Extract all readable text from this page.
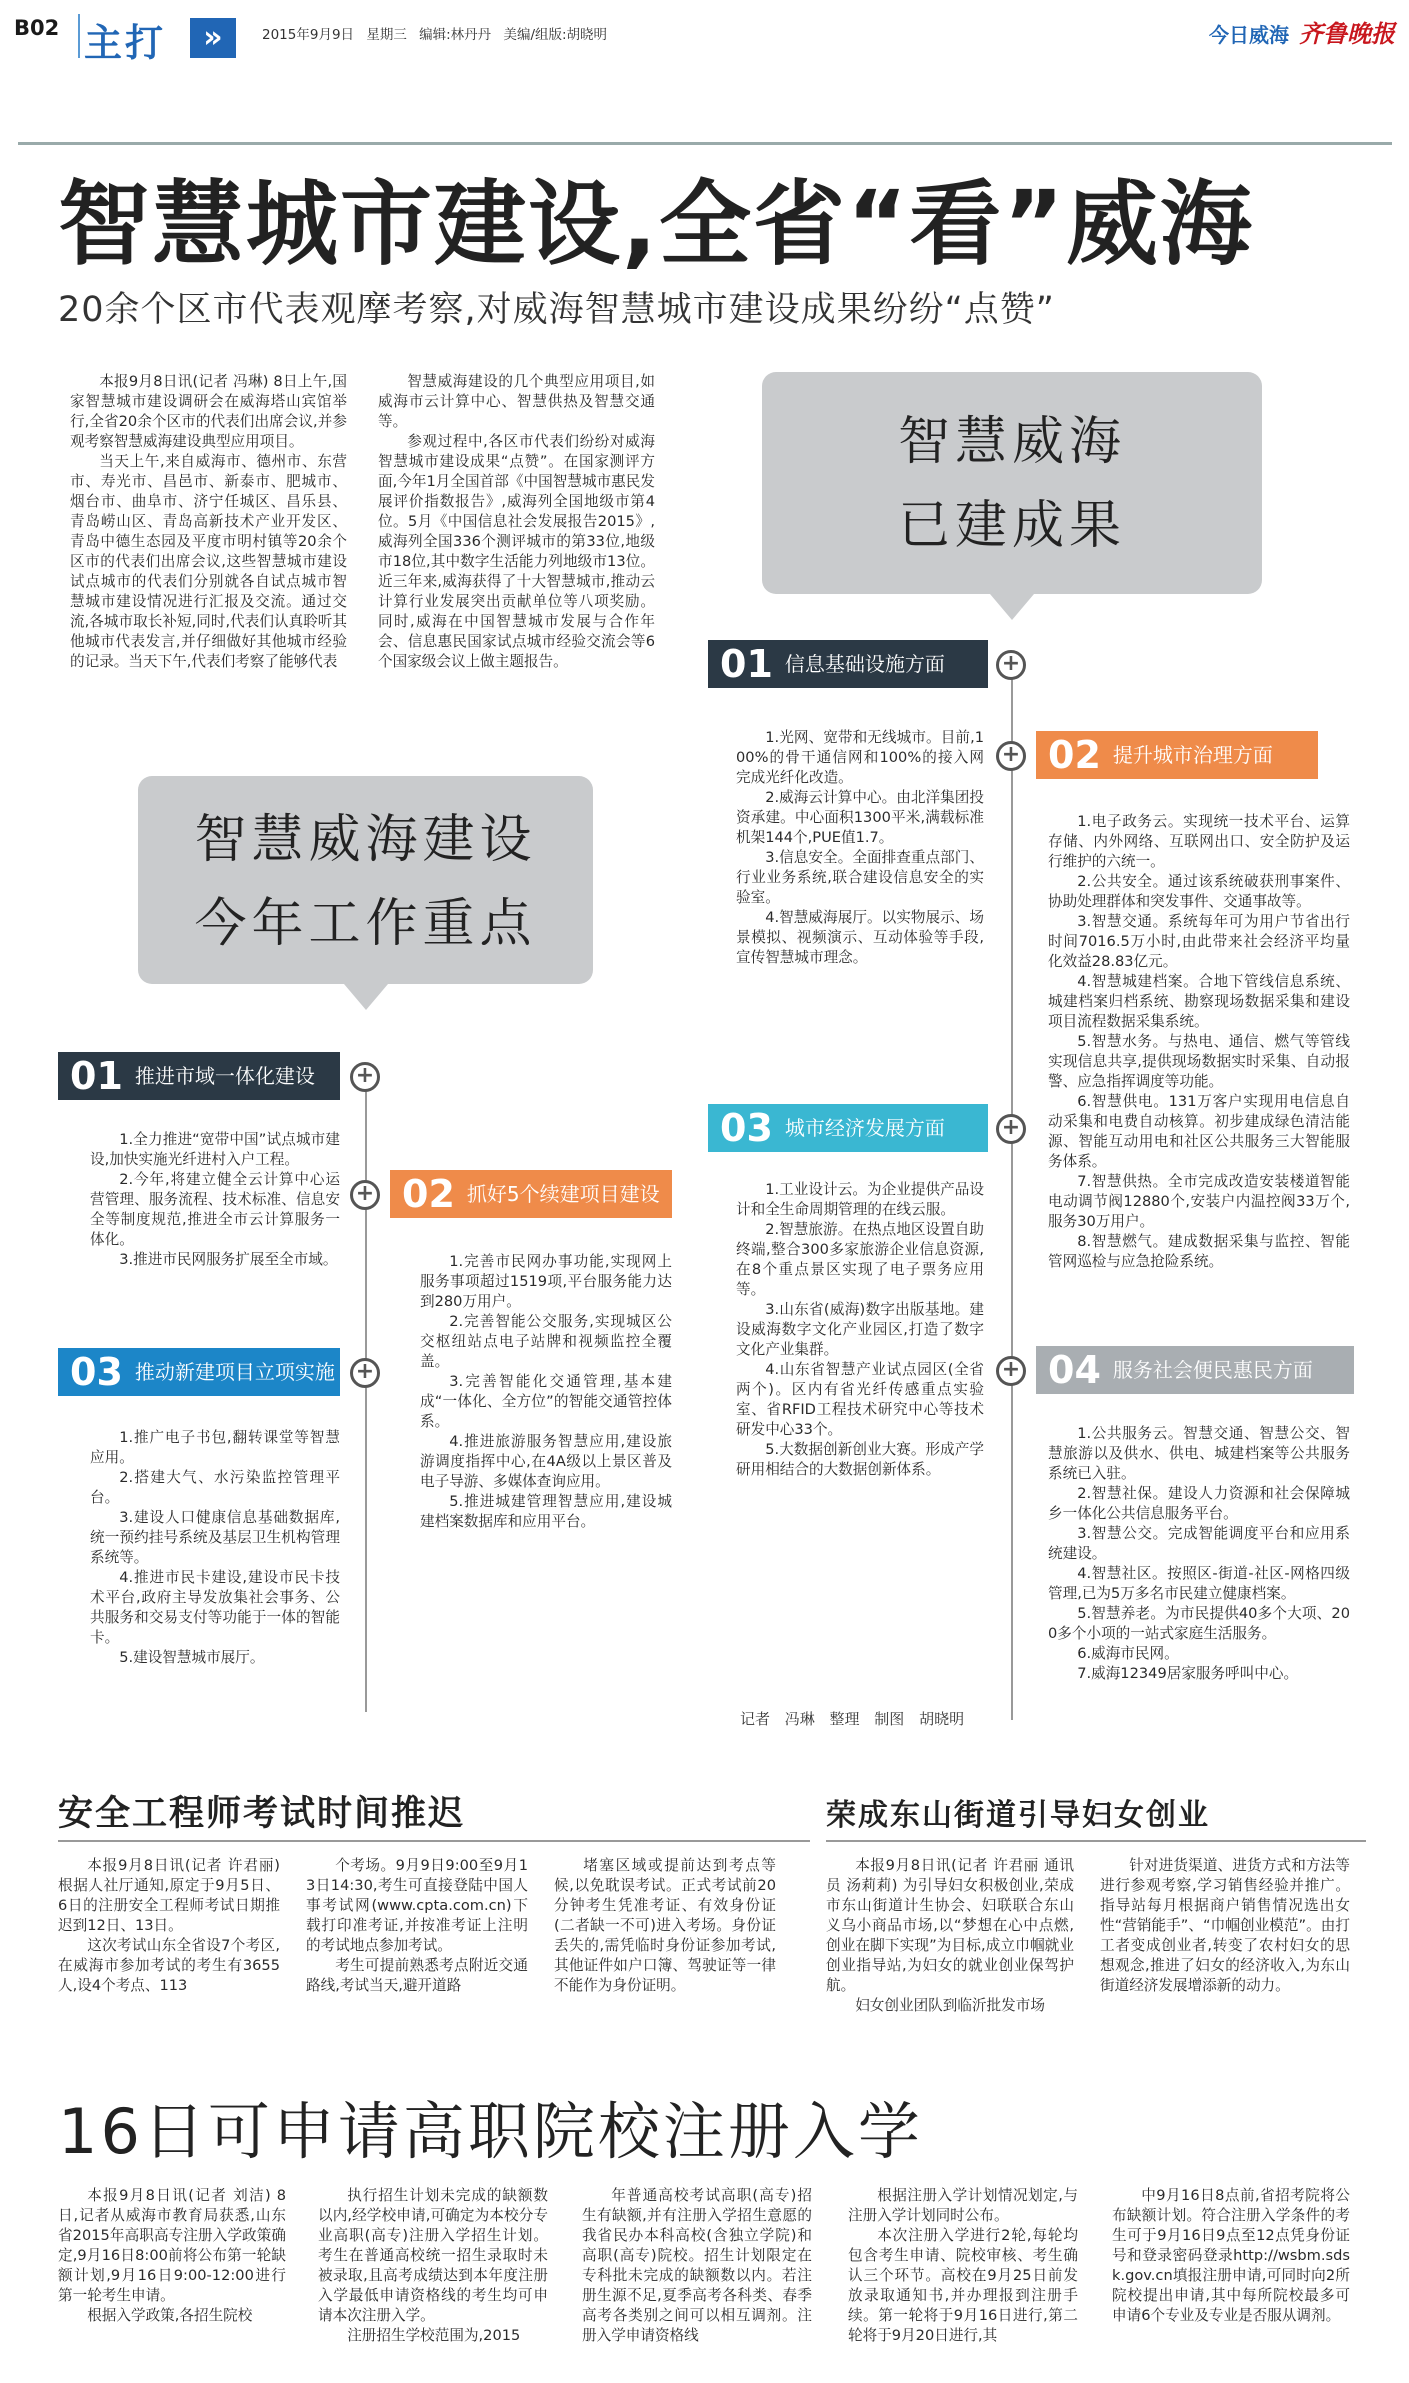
B02 主打	»	2015年9月9日 星期三 编辑:林丹丹 美编/组版:胡晓明	今日威海 齐鲁晚报
智慧城市建设,全省“看”威海
20余个区市代表观摩考察,对威海智慧城市建设成果纷纷“点赞”

本报9月8日讯(记者 冯琳) 8日上午,国家智慧城市建设调研会在威海塔山宾馆举行,全省20余个区市的代表们出席会议,并参观考察智慧威海建设典型应用项目。

当天上午,来自威海市、德州市、东营市、寿光市、昌邑市、新泰市、肥城市、烟台市、曲阜市、济宁任城区、昌乐县、青岛崂山区、青岛高新技术产业开发区、青岛中德生态园及平度市明村镇等20余个区市的代表们出席会议,这些智慧城市建设试点城市的代表们分别就各自试点城市智慧城市建设情况进行汇报及交流。通过交流,各城市取长补短,同时,代表们认真聆听其他城市代表发言,并仔细做好其他城市经验的记录。当天下午,代表们考察了能够代表

智慧威海建设的几个典型应用项目,如威海市云计算中心、智慧供热及智慧交通等。

参观过程中,各区市代表们纷纷对威海智慧城市建设成果“点赞”。在国家测评方面,今年1月全国首部《中国智慧城市惠民发展评价指数报告》,威海列全国地级市第4位。5月《中国信息社会发展报告2015》,威海列全国336个测评城市的第33位,地级市18位,其中数字生活能力列地级市13位。近三年来,威海获得了十大智慧城市,推动云计算行业发展突出贡献单位等八项奖励。同时,威海在中国智慧城市发展与合作年会、信息惠民国家试点城市经验交流会等6个国家级会议上做主题报告。

智慧威海
已建成果
01 信息基础设施方面	+

1.光网、宽带和无线城市。目前,100%的骨干通信网和100%的接入网完成光纤化改造。

2.威海云计算中心。由北洋集团投资承建。中心面积1300平米,满载标准机架144个,PUE值1.7。

3.信息安全。全面排查重点部门、行业业务系统,联合建设信息安全的实验室。

4.智慧威海展厅。以实物展示、场景模拟、视频演示、互动体验等手段,宣传智慧城市理念。

+ 02 提升城市治理方面

1.电子政务云。实现统一技术平台、运算存储、内外网络、互联网出口、安全防护及运行维护的六统一。

2.公共安全。通过该系统破获刑事案件、协助处理群体和突发事件、交通事故等。

3.智慧交通。系统每年可为用户节省出行时间7016.5万小时,由此带来社会经济平均量化效益28.83亿元。

4.智慧城建档案。合地下管线信息系统、城建档案归档系统、勘察现场数据采集和建设项目流程数据采集系统。

5.智慧水务。与热电、通信、燃气等管线实现信息共享,提供现场数据实时采集、自动报警、应急指挥调度等功能。

6.智慧供电。131万客户实现用电信息自动采集和电费自动核算。初步建成绿色清洁能源、智能互动用电和社区公共服务三大智能服务体系。

7.智慧供热。全市完成改造安装楼道智能电动调节阀12880个,安装户内温控阀33万个,服务30万用户。

8.智慧燃气。建成数据采集与监控、智能管网巡检与应急抢险系统。

03 城市经济发展方面	+

1.工业设计云。为企业提供产品设计和全生命周期管理的在线云服。

2.智慧旅游。在热点地区设置自助终端,整合300多家旅游企业信息资源,在8个重点景区实现了电子票务应用等。

3.山东省(威海)数字出版基地。建设威海数字文化产业园区,打造了数字文化产业集群。

4.山东省智慧产业试点园区(全省两个)。区内有省光纤传感重点实验室、省RFID工程技术研究中心等技术研发中心33个。

5.大数据创新创业大赛。形成产学研用相结合的大数据创新体系。

+ 04 服务社会便民惠民方面

1.公共服务云。智慧交通、智慧公交、智慧旅游以及供水、供电、城建档案等公共服务系统已入驻。

2.智慧社保。建设人力资源和社会保障城乡一体化公共信息服务平台。

3.智慧公交。完成智能调度平台和应用系统建设。

4.智慧社区。按照区-街道-社区-网格四级管理,已为5万多名市民建立健康档案。

5.智慧养老。为市民提供40多个大项、200多个小项的一站式家庭生活服务。

6.威海市民网。

7.威海12349居家服务呼叫中心。

记者 冯琳 整理 制图 胡晓明
智慧威海建设
今年工作重点
01 推进市域一体化建设	+

1.全力推进“宽带中国”试点城市建设,加快实施光纤进村入户工程。

2.今年,将建立健全云计算中心运营管理、服务流程、技术标准、信息安全等制度规范,推进全市云计算服务一体化。

3.推进市民网服务扩展至全市域。

+ 02 抓好5个续建项目建设

1.完善市民网办事功能,实现网上服务事项超过1519项,平台服务能力达到280万用户。

2.完善智能公交服务,实现城区公交枢纽站点电子站牌和视频监控全覆盖。

3.完善智能化交通管理,基本建成“一体化、全方位”的智能交通管控体系。

4.推进旅游服务智慧应用,建设旅游调度指挥中心,在4A级以上景区普及电子导游、多媒体查询应用。

5.推进城建管理智慧应用,建设城建档案数据库和应用平台。

03 推动新建项目立项实施 +

1.推广电子书包,翻转课堂等智慧应用。

2.搭建大气、水污染监控管理平台。

3.建设人口健康信息基础数据库,统一预约挂号系统及基层卫生机构管理系统等。

4.推进市民卡建设,建设市民卡技术平台,政府主导发放集社会事务、公共服务和交易支付等功能于一体的智能卡。

5.建设智慧城市展厅。

安全工程师考试时间推迟

本报9月8日讯(记者 许君丽) 根据人社厅通知,原定于9月5日、6日的注册安全工程师考试日期推迟到12日、13日。

这次考试山东全省设7个考区,在威海市参加考试的考生有3655人,设4个考点、113

个考场。9月9日9:00至9月13日14:30,考生可直接登陆中国人事考试网(www.cpta.com.cn)下载打印准考证,并按准考证上注明的考试地点参加考试。

考生可提前熟悉考点附近交通路线,考试当天,避开道路

堵塞区域或提前达到考点等候,以免耽误考试。正式考试前20分钟考生凭准考证、有效身份证(二者缺一不可)进入考场。身份证丢失的,需凭临时身份证参加考试,其他证件如户口簿、驾驶证等一律不能作为身份证明。

荣成东山街道引导妇女创业

本报9月8日讯(记者 许君丽 通讯员 汤莉莉) 为引导妇女积极创业,荣成市东山街道计生协会、妇联联合东山义乌小商品市场,以“梦想在心中点燃,创业在脚下实现”为目标,成立巾帼就业创业指导站,为妇女的就业创业保驾护航。

妇女创业团队到临沂批发市场

针对进货渠道、进货方式和方法等进行参观考察,学习销售经验并推广。指导站每月根据商户销售情况选出女性“营销能手”、“巾帼创业模范”。由打工者变成创业者,转变了农村妇女的思想观念,推进了妇女的经济收入,为东山街道经济发展增添新的动力。

16日可申请高职院校注册入学

本报9月8日讯(记者 刘洁) 8日,记者从威海市教育局获悉,山东省2015年高职高专注册入学政策确定,9月16日8:00前将公布第一轮缺额计划,9月16日9:00-12:00进行第一轮考生申请。

根据入学政策,各招生院校

执行招生计划未完成的缺额数以内,经学校申请,可确定为本校分专业高职(高专)注册入学招生计划。考生在普通高校统一招生录取时未被录取,且高考成绩达到本年度注册入学最低申请资格线的考生均可申请本次注册入学。

注册招生学校范围为,2015

年普通高校考试高职(高专)招生有缺额,并有注册入学招生意愿的我省民办本科高校(含独立学院)和高职(高专)院校。招生计划限定在专科批未完成的缺额数以内。若注册生源不足,夏季高考各科类、春季高考各类别之间可以相互调剂。注册入学申请资格线

根据注册入学计划情况划定,与注册入学计划同时公布。

本次注册入学进行2轮,每轮均包含考生申请、院校审核、考生确认三个环节。高校在9月25日前发放录取通知书,并办理报到注册手续。第一轮将于9月16日进行,第二轮将于9月20日进行,其

中9月16日8点前,省招考院将公布缺额计划。符合注册入学条件的考生可于9月16日9点至12点凭身份证号和登录密码登录http://wsbm.sdsk.gov.cn填报注册申请,可同时向2所院校提出申请,其中每所院校最多可申请6个专业及专业是否服从调剂。
